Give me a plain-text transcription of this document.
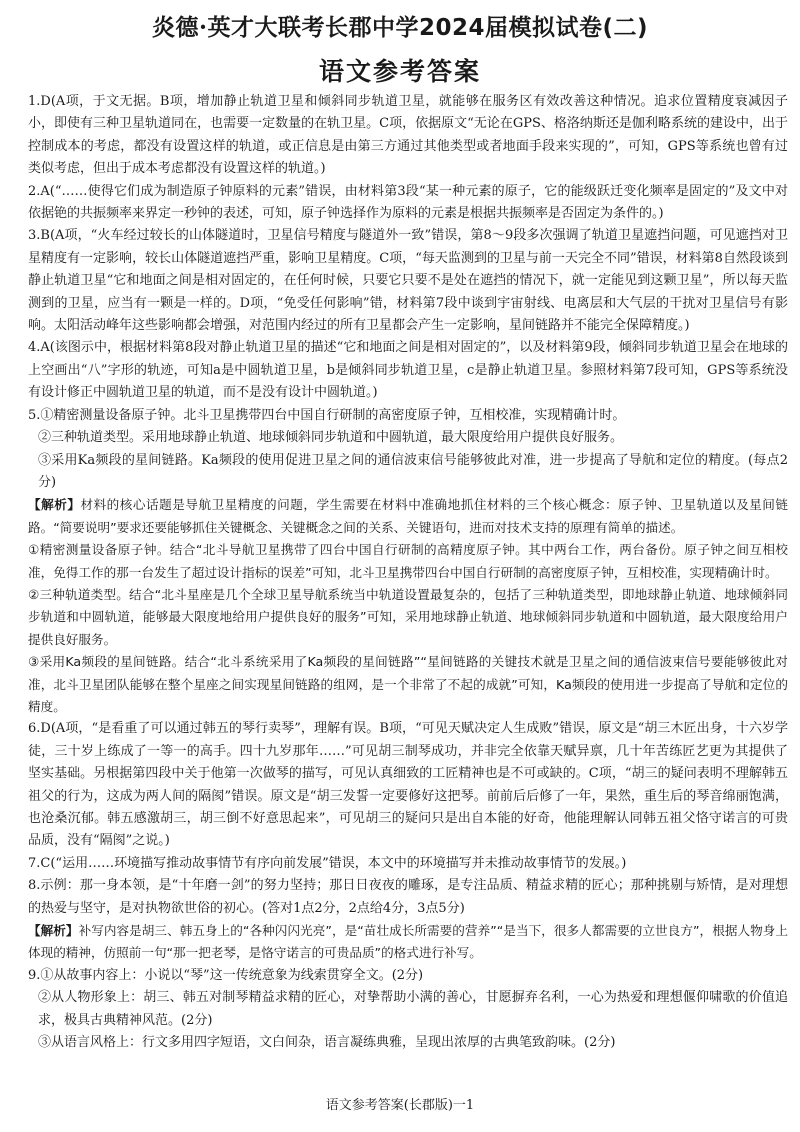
炎德·英才大联考长郡中学2024届模拟试卷(二)
语文参考答案

1.D(A项，于文无据。B项，增加静止轨道卫星和倾斜同步轨道卫星，就能够在服务区有效改善这种情况。追求位置精度衰减因子小，即使有三种卫星轨道同在，也需要一定数量的在轨卫星。C项，依据原文“无论在GPS、格洛纳斯还是伽利略系统的建设中，出于控制成本的考虑，都没有设置这样的轨道，或正信息是由第三方通过其他类型或者地面手段来实现的”，可知，GPS等系统也曾有过类似考虑，但出于成本考虑都没有设置这样的轨道。)

2.A(“……使得它们成为制造原子钟原料的元素”错误，由材料第3段“某一种元素的原子，它的能级跃迁变化频率是固定的”及文中对依据铯的共振频率来界定一秒钟的表述，可知，原子钟选择作为原料的元素是根据共振频率是否固定为条件的。)

3.B(A项，“火车经过较长的山体隧道时，卫星信号精度与隧道外一致”错误，第8～9段多次强调了轨道卫星遮挡问题，可见遮挡对卫星精度有一定影响，较长山体隧道遮挡严重，影响卫星精度。C项，“每天监测到的卫星与前一天完全不同”错误，材料第8自然段谈到静止轨道卫星“它和地面之间是相对固定的，在任何时候，只要它只要不是处在遮挡的情况下，就一定能见到这颗卫星”，所以每天监测到的卫星，应当有一颗是一样的。D项，“免受任何影响”错，材料第7段中谈到宇宙射线、电离层和大气层的干扰对卫星信号有影响。太阳活动峰年这些影响都会增强，对范围内经过的所有卫星都会产生一定影响，星间链路并不能完全保障精度。)

4.A(该图示中，根据材料第8段对静止轨道卫星的描述“它和地面之间是相对固定的”，以及材料第9段，倾斜同步轨道卫星会在地球的上空画出“八”字形的轨迹，可知a是中圆轨道卫星，b是倾斜同步轨道卫星，c是静止轨道卫星。参照材料第7段可知，GPS等系统没有设计修正中圆轨道卫星的轨道，而不是没有设计中圆轨道。)

5.①精密测量设备原子钟。北斗卫星携带四台中国自行研制的高密度原子钟，互相校准，实现精确计时。

②三种轨道类型。采用地球静止轨道、地球倾斜同步轨道和中圆轨道，最大限度给用户提供良好服务。

③采用Ka频段的星间链路。Ka频段的使用促进卫星之间的通信波束信号能够彼此对准，进一步提高了导航和定位的精度。(每点2分)

【解析】材料的核心话题是导航卫星精度的问题，学生需要在材料中准确地抓住材料的三个核心概念：原子钟、卫星轨道以及星间链路。“简要说明”要求还要能够抓住关键概念、关键概念之间的关系、关键语句，进而对技术支持的原理有简单的描述。

①精密测量设备原子钟。结合“北斗导航卫星携带了四台中国自行研制的高精度原子钟。其中两台工作，两台备份。原子钟之间互相校准，免得工作的那一台发生了超过设计指标的误差”可知，北斗卫星携带四台中国自行研制的高密度原子钟，互相校准，实现精确计时。

②三种轨道类型。结合“北斗星座是几个全球卫星导航系统当中轨道设置最复杂的，包括了三种轨道类型，即地球静止轨道、地球倾斜同步轨道和中圆轨道，能够最大限度地给用户提供良好的服务”可知，采用地球静止轨道、地球倾斜同步轨道和中圆轨道，最大限度给用户提供良好服务。

③采用Ka频段的星间链路。结合“北斗系统采用了Ka频段的星间链路”“星间链路的关键技术就是卫星之间的通信波束信号要能够彼此对准，北斗卫星团队能够在整个星座之间实现星间链路的组网，是一个非常了不起的成就”可知，Ka频段的使用进一步提高了导航和定位的精度。

6.D(A项，“是看重了可以通过韩五的琴行卖琴”，理解有误。B项，“可见天赋决定人生成败”错误，原文是“胡三木匠出身，十六岁学徒，三十岁上练成了一等一的高手。四十九岁那年……”可见胡三制琴成功，并非完全依靠天赋异禀，几十年苦练匠艺更为其提供了坚实基础。另根据第四段中关于他第一次做琴的描写，可见认真细致的工匠精神也是不可或缺的。C项，“胡三的疑问表明不理解韩五祖父的行为，这成为两人间的隔阂”错误。原文是“胡三发誓一定要修好这把琴。前前后后修了一年，果然，重生后的琴音绵丽饱满，也沧桑沉郁。韩五感激胡三，胡三倒不好意思起来”，可见胡三的疑问只是出自本能的好奇，他能理解认同韩五祖父恪守诺言的可贵品质，没有“隔阂”之说。)

7.C(“运用……环境描写推动故事情节有序向前发展”错误，本文中的环境描写并未推动故事情节的发展。)

8.示例：那一身本领，是“十年磨一剑”的努力坚持；那日日夜夜的雕琢，是专注品质、精益求精的匠心；那种挑剔与矫情，是对理想的热爱与坚守，是对执物欲世俗的初心。(答对1点2分，2点给4分，3点5分)

【解析】补写内容是胡三、韩五身上的“各种闪闪光亮”，是“苗壮成长所需要的营养”“是当下，很多人都需要的立世良方”，根据人物身上体现的精神，仿照前一句“那一把老琴，是恪守诺言的可贵品质”的格式进行补写。

9.①从故事内容上：小说以“琴”这一传统意象为线索贯穿全文。(2分)

②从人物形象上：胡三、韩五对制琴精益求精的匠心，对挚帮助小满的善心，甘愿摒弃名利，一心为热爱和理想偃仰啸歌的价值追求，极具古典精神风范。(2分)

③从语言风格上：行文多用四字短语，文白间杂，语言凝练典雅，呈现出浓厚的古典笔致韵味。(2分)

语文参考答案(长郡版)一1
